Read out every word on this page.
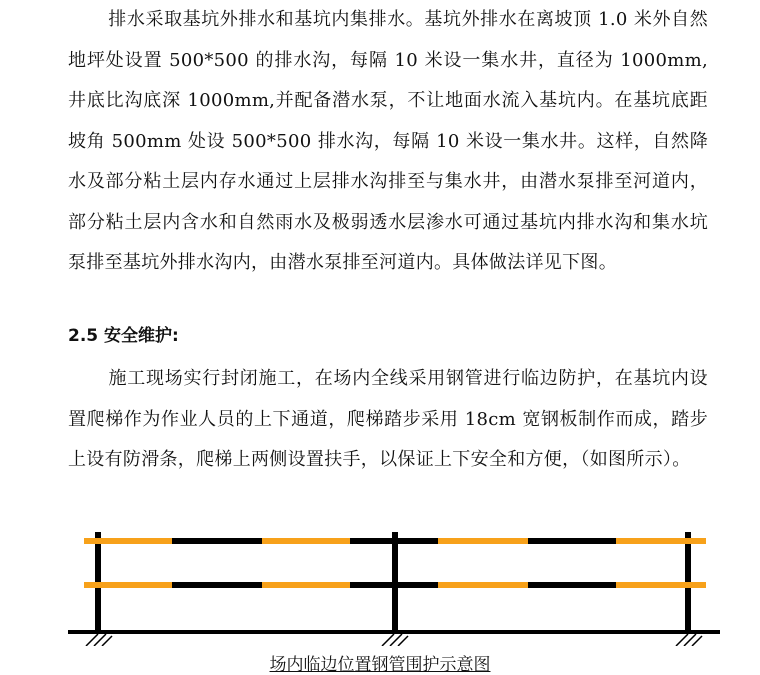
排水采取基坑外排水和基坑内集排水。基坑外排水在离坡顶 1.0 米外自然地坪处设置 500*500 的排水沟，每隔 10 米设一集水井，直径为 1000mm,井底比沟底深 1000mm,并配备潜水泵，不让地面水流入基坑内。在基坑底距坡角 500mm 处设 500*500 排水沟，每隔 10 米设一集水井。这样，自然降水及部分粘土层内存水通过上层排水沟排至与集水井，由潜水泵排至河道内，部分粘土层内含水和自然雨水及极弱透水层渗水可通过基坑内排水沟和集水坑泵排至基坑外排水沟内，由潜水泵排至河道内。具体做法详见下图。

2.5 安全维护:

施工现场实行封闭施工，在场内全线采用钢管进行临边防护，在基坑内设置爬梯作为作业人员的上下通道，爬梯踏步采用 18cm 宽钢板制作而成，踏步上设有防滑条，爬梯上两侧设置扶手，以保证上下安全和方便，（如图所示）。

场内临边位置钢管围护示意图
